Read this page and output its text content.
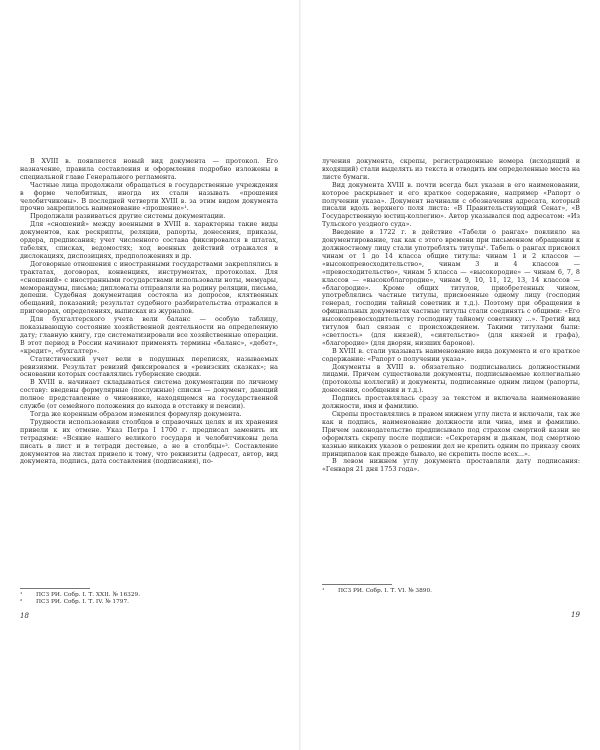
В XVIII в. появляется новый вид документа — протокол. Его назначение, правила составления и оформления подробно изложены в специальной главе Генерального регламента.

Частные лица продолжали обращаться в государственные учреждения в форме челобитных, иногда их стали называть «прошения челобитчиковы». В последней четверти XVIII в. за этим видом документа прочно закрепилось наименование «прошение»¹.

Продолжали развиваться другие системы документации.

Для «сношений» между военными в XVIII в. характерны такие виды документов, как рескрипты, реляции, рапорты, донесения, приказы, ордера, предписания; учет численного состава фиксировался в штатах, табелях, списках, ведомостях; ход военных действий отражался в дислокациях, диспозициях, предположениях и др.

Договорные отношения с иностранными государствами закреплялись в трактатах, договорах, конвенциях, инструментах, протоколах. Для «сношений» с иностранными государствами использовали ноты, мемуары, меморандумы, письма; дипломаты отправляли на родину реляции, письма, депеши. Судебная документация состояла из допросов, клятвенных обещаний, показаний; результат судебного разбирательства отражался в приговорах, определениях, выписках из журналов.

Для бухгалтерского учета вели баланс — особую таблицу, показывающую состояние хозяйственной деятельности на определенную дату; главную книгу, где систематизировали все хозяйственные операции. В этот период в России начинают применять термины «баланс», «дебет», «кредит», «бухгалтер».

Статистический учет вели в подушных переписях, называемых ревизиями. Результат ревизий фиксировался в «ревизских сказках»; на основании которых составлялись губернские сводки.

В XVIII в. начинает складываться система документации по личному составу: введены формулярные (послужные) списки — документ, дающий полное представление о чиновнике, находящемся на государственной службе (от семейного положения до выхода в отставку и пенсии).

Тогда же коренным образом изменился формуляр документа.

Трудности использования столбцов в справочных целях и их хранения привели к их отмене. Указ Петра I 1700 г. предписал заменить их тетрадями: «Всякие нашего великого государя и челобитчиковы дела писать в лист и в тетради дестевые, а не в столбцы»². Составление документов на листах привело к тому, что реквизиты (адресат, автор, вид документа, подпись, дата составления (подписания), по-

¹	ПСЗ РИ. Собр. I. Т. XXII. № 16329.
²	ПСЗ РИ. Собр. I. Т. IV. № 1797.
18

лучения документа, скрепы, регистрационные номера (исходящий и входящий) стали выделять из текста и отводить им определенные места на листе бумаги.

Вид документа XVIII в. почти всегда был указан в его наименовании, которое раскрывает и его краткое содержание, например «Рапорт о получении указа». Документ начинали с обозначения адресата, который писали вдоль верхнего поля листа: «В Правительствующий Сенат», «В Государственную юстиц-коллегию». Автор указывался под адресатом: «Из Тульского уездного суда».

Введение в 1722 г. в действие «Табели о рангах» повлияло на документирование, так как с этого времени при письменном обращении к должностному лицу стали употреблять титулы¹. Табель о рангах присвоил чинам от 1 до 14 класса общие титулы: чинам 1 и 2 классов — «высокопревосходительство», чинам 3 и 4 классов — «превосходительство», чинам 5 класса — «высокородие» — чинам 6, 7, 8 классов — «высокоблагородие», чинам 9, 10, 11, 12, 13, 14 классов — «благородие». Кроме общих титулов, приобретенных чином, употреблялись частные титулы, присвоенные одному лицу (господин генерал, господин тайный советник и т.д.). Поэтому при обращении в официальных документах частные титулы стали соединять с общими: «Его высокопревосходительству господину тайному советнику ...». Третий вид титулов был связан с происхождением. Такими титулами были: «светлость» (для князей), «сиятельство» (для князей и графа), «благородие» (для дворян, низших баронов).

В XVIII в. стали указывать наименование вида документа и его краткое содержание: «Рапорт о получении указа».

Документы в XVIII в. обязательно подписывались должностными лицами. Причем существовали документы, подписываемые коллегиально (протоколы коллегий) и документы, подписанные одним лицом (рапорты, донесения, сообщения и т.д.).

Подпись проставлялась сразу за текстом и включала наименование должности, имя и фамилию.

Скрепы проставлялись в правом нижнем углу листа и включали, так же как и подпись, наименование должности или чина, имя и фамилию. Причем законодательство предписывало под страхом смертной казни не оформлять скрепу после подписи: «Секретарям и дьякам, под смертною казнью никаких указов о решении дел не крепить одним по приказу своих принципалов как прежде бывало, не скрепить после всех...».

В левом нижнем углу документа проставляли дату подписания: «Генваря 21 дня 1753 года».

¹	ПСЗ РИ. Собр. I. Т. VI. № 3890.
19
